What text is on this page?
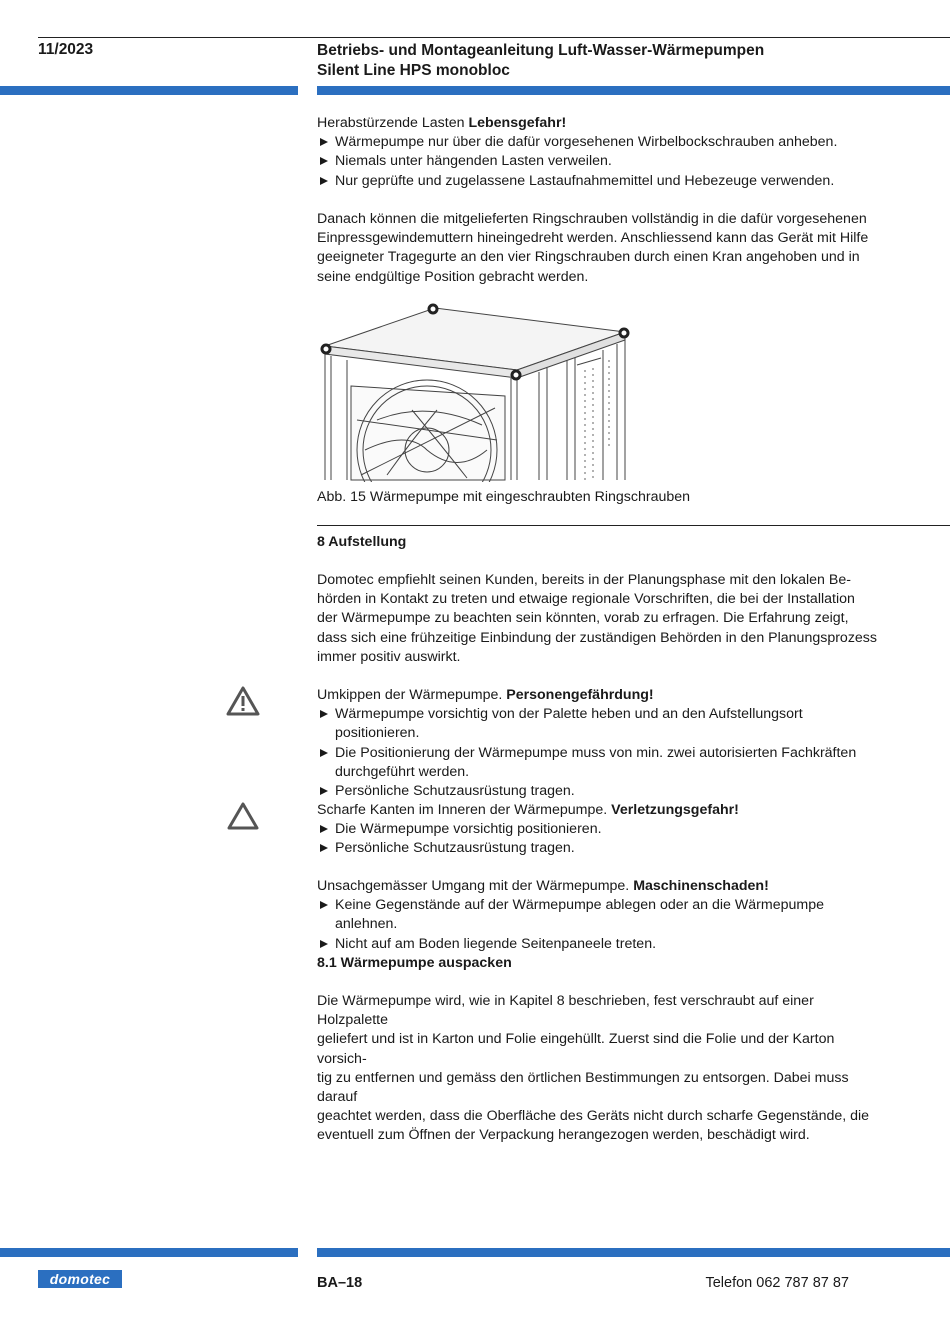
11/2023	Betriebs- und Montageanleitung Luft-Wasser-Wärmepumpen
Silent Line HPS monobloc

Herabstürzende Lasten Lebensgefahr!

Wärmepumpe nur über die dafür vorgesehenen Wirbelbockschrauben anheben.
Niemals unter hängenden Lasten verweilen.
Nur geprüfte und zugelassene Lastaufnahmemittel und Hebezeuge verwenden.
Danach können die mitgelieferten Ringschrauben vollständig in die dafür vorgesehenen
Einpressgewindemuttern hineingedreht werden. Anschliessend kann das Gerät mit Hilfe
geeigneter Tragegurte an den vier Ringschrauben durch einen Kran angehoben und in
seine endgültige Position gebracht werden.
Abb. 15 Wärmepumpe mit eingeschraubten Ringschrauben
8 Aufstellung
Domotec empfiehlt seinen Kunden, bereits in der Planungsphase mit den lokalen Be-
hörden in Kontakt zu treten und etwaige regionale Vorschriften, die bei der Installation
der Wärmepumpe zu beachten sein könnten, vorab zu erfragen. Die Erfahrung zeigt,
dass sich eine frühzeitige Einbindung der zuständigen Behörden in den Planungsprozess
immer positiv auswirkt.

Umkippen der Wärmepumpe. Personengefährdung!

Wärmepumpe vorsichtig von der Palette heben und an den Aufstellungsort positionieren.
Die Positionierung der Wärmepumpe muss von min. zwei autorisierten Fachkräften
durchgeführt werden.
Persönliche Schutzausrüstung tragen.

Scharfe Kanten im Inneren der Wärmepumpe. Verletzungsgefahr!

Die Wärmepumpe vorsichtig positionieren.
Persönliche Schutzausrüstung tragen.

Unsachgemässer Umgang mit der Wärmepumpe. Maschinenschaden!

Keine Gegenstände auf der Wärmepumpe ablegen oder an die Wärmepumpe anlehnen.
Nicht auf am Boden liegende Seitenpaneele treten.
8.1 Wärmepumpe auspacken
Die Wärmepumpe wird, wie in Kapitel 8 beschrieben, fest verschraubt auf einer Holzpalette
geliefert und ist in Karton und Folie eingehüllt. Zuerst sind die Folie und der Karton vorsich-
tig zu entfernen und gemäss den örtlichen Bestimmungen zu entsorgen. Dabei muss darauf
geachtet werden, dass die Oberfläche des Geräts nicht durch scharfe Gegenstände, die
eventuell zum Öffnen der Verpackung herangezogen werden, beschädigt wird.
domotec	BA–18	Telefon 062 787 87 87
